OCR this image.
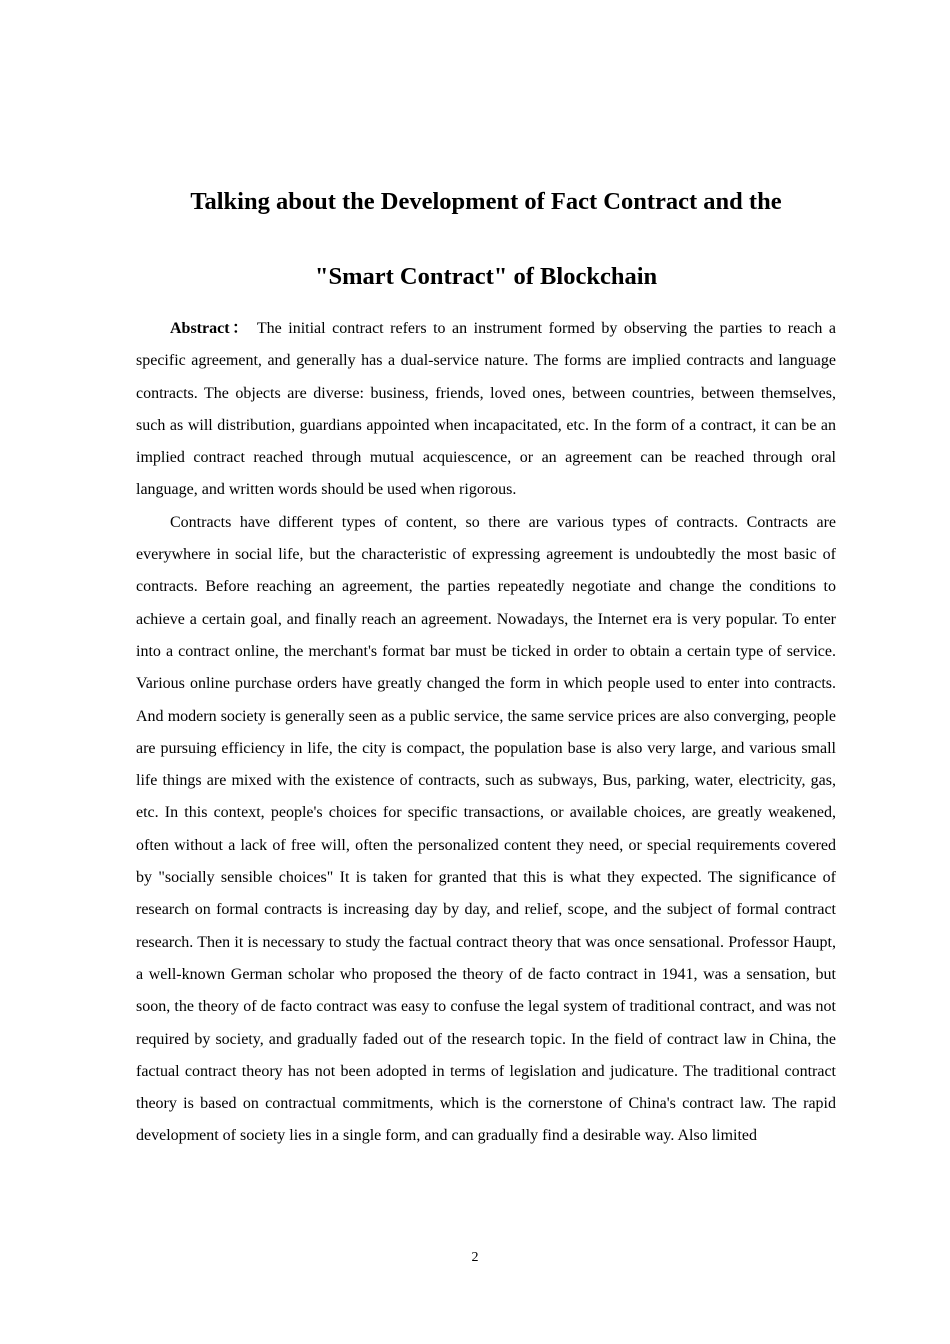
Talking about the Development of Fact Contract and the
"Smart Contract" of Blockchain

Abstract： The initial contract refers to an instrument formed by observing the parties to reach a specific agreement, and generally has a dual-service nature. The forms are implied contracts and language contracts. The objects are diverse: business, friends, loved ones, between countries, between themselves, such as will distribution, guardians appointed when incapacitated, etc. In the form of a contract, it can be an implied contract reached through mutual acquiescence, or an agreement can be reached through oral language, and written words should be used when rigorous.

Contracts have different types of content, so there are various types of contracts. Contracts are everywhere in social life, but the characteristic of expressing agreement is undoubtedly the most basic of contracts. Before reaching an agreement, the parties repeatedly negotiate and change the conditions to achieve a certain goal, and finally reach an agreement. Nowadays, the Internet era is very popular. To enter into a contract online, the merchant's format bar must be ticked in order to obtain a certain type of service. Various online purchase orders have greatly changed the form in which people used to enter into contracts. And modern society is generally seen as a public service, the same service prices are also converging, people are pursuing efficiency in life, the city is compact, the population base is also very large, and various small life things are mixed with the existence of contracts, such as subways, Bus, parking, water, electricity, gas, etc. In this context, people's choices for specific transactions, or available choices, are greatly weakened, often without a lack of free will, often the personalized content they need, or special requirements covered by "socially sensible choices" It is taken for granted that this is what they expected. The significance of research on formal contracts is increasing day by day, and relief, scope, and the subject of formal contract research. Then it is necessary to study the factual contract theory that was once sensational. Professor Haupt, a well-known German scholar who proposed the theory of de facto contract in 1941, was a sensation, but soon, the theory of de facto contract was easy to confuse the legal system of traditional contract, and was not required by society, and gradually faded out of the research topic. In the field of contract law in China, the factual contract theory has not been adopted in terms of legislation and judicature. The traditional contract theory is based on contractual commitments, which is the cornerstone of China's contract law. The rapid development of society lies in a single form, and can gradually find a desirable way. Also limited

2
